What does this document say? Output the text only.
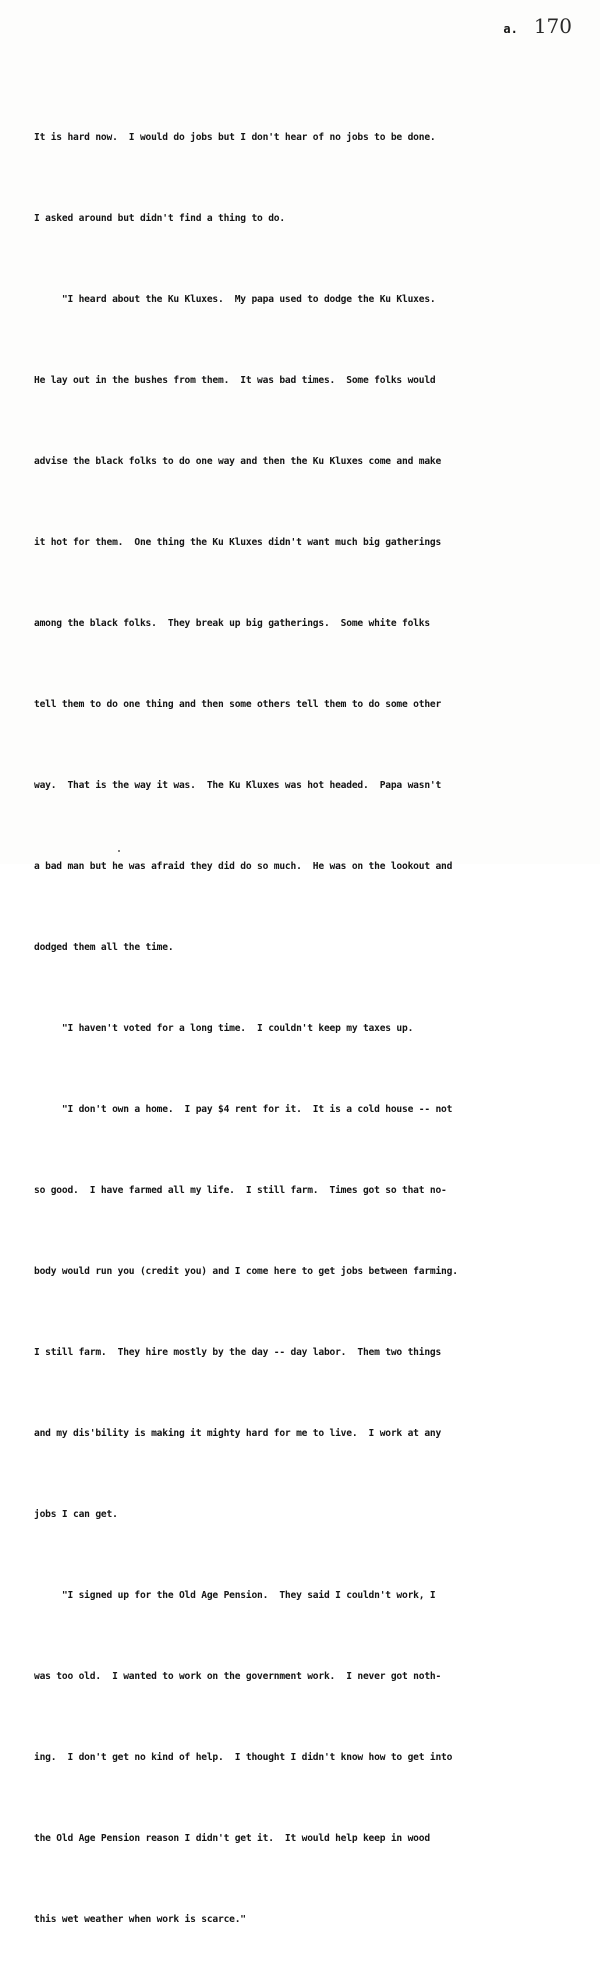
a. 170

It is hard now.  I would do jobs but I don't hear of no jobs to be done.

I asked around but didn't find a thing to do.

"I heard about the Ku Kluxes.  My papa used to dodge the Ku Kluxes.

He lay out in the bushes from them.  It was bad times.  Some folks would

advise the black folks to do one way and then the Ku Kluxes come and make

it hot for them.  One thing the Ku Kluxes didn't want much big gatherings

among the black folks.  They break up big gatherings.  Some white folks

tell them to do one thing and then some others tell them to do some other

way.  That is the way it was.  The Ku Kluxes was hot headed.  Papa wasn't

a bad man but he was afraid they did do so much.  He was on the lookout and

dodged them all the time.

"I haven't voted for a long time.  I couldn't keep my taxes up.

"I don't own a home.  I pay $4 rent for it.  It is a cold house -- not

so good.  I have farmed all my life.  I still farm.  Times got so that no-

body would run you (credit you) and I come here to get jobs between farming.

I still farm.  They hire mostly by the day -- day labor.  Them two things

and my dis'bility is making it mighty hard for me to live.  I work at any

jobs I can get.

"I signed up for the Old Age Pension.  They said I couldn't work, I

was too old.  I wanted to work on the government work.  I never got noth-

ing.  I don't get no kind of help.  I thought I didn't know how to get into

the Old Age Pension reason I didn't get it.  It would help keep in wood

this wet weather when work is scarce."
